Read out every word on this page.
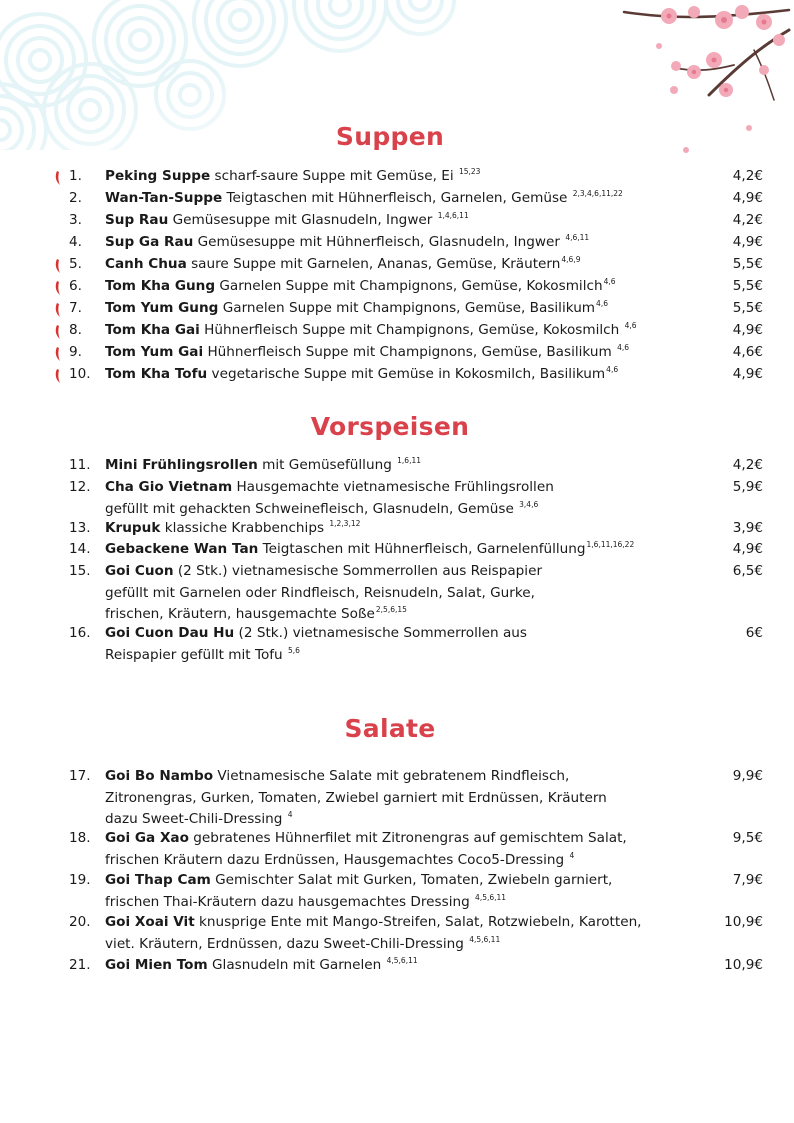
Suppen
1. Peking Suppe scharf-saure Suppe mit Gemüse, Ei $^{15,23}$	4,2€
2. Wan-Tan-Suppe Teigtaschen mit Hühnerfleisch, Garnelen, Gemüse $^{2,3,4,6,11,22}$	4,9€
3. Sup Rau Gemüsesuppe mit Glasnudeln, Ingwer $^{1,4,6,11}$	4,2€
4. Sup Ga Rau Gemüsesuppe mit Hühnerfleisch, Glasnudeln, Ingwer $^{4,6,11}$	4,9€
5. Canh Chua saure Suppe mit Garnelen, Ananas, Gemüse, Kräutern$^{4,6,9}$	5,5€
6. Tom Kha Gung Garnelen Suppe mit Champignons, Gemüse, Kokosmilch$^{4,6}$	5,5€
7. Tom Yum Gung Garnelen Suppe mit Champignons, Gemüse, Basilikum$^{4,6}$	5,5€
8. Tom Kha Gai Hühnerfleisch Suppe mit Champignons, Gemüse, Kokosmilch $^{4,6}$	4,9€
9. Tom Yum Gai Hühnerfleisch Suppe mit Champignons, Gemüse, Basilikum $^{4,6}$	4,6€
10. Tom Kha Tofu vegetarische Suppe mit Gemüse in Kokosmilch, Basilikum$^{4,6}$	4,9€
Vorspeisen
11. Mini Frühlingsrollen mit Gemüsefüllung $^{1,6,11}$	4,2€
12. Cha Gio Vietnam Hausgemachte vietnamesische Frühlingsrollen
gefüllt mit gehackten Schweinefleisch, Glasnudeln, Gemüse $^{3,4,6}$
5,9€
13. Krupuk klassiche Krabbenchips $^{1,2,3,12}$	3,9€
14. Gebackene Wan Tan Teigtaschen mit Hühnerfleisch, Garnelenfüllung$^{1,6,11,16,22}$	4,9€
15. Goi Cuon (2 Stk.) vietnamesische Sommerrollen aus Reispapier
gefüllt mit Garnelen oder Rindfleisch, Reisnudeln, Salat, Gurke,
frischen, Kräutern, hausgemachte Soße$^{2,5,6,15}$
6,5€
16. Goi Cuon Dau Hu (2 Stk.) vietnamesische Sommerrollen aus
Reispapier gefüllt mit Tofu $^{5,6}$
6€
Salate
17. Goi Bo Nambo Vietnamesische Salate mit gebratenem Rindfleisch,
Zitronengras, Gurken, Tomaten, Zwiebel garniert mit Erdnüssen, Kräutern
dazu Sweet-Chili-Dressing $^4$
9,9€
18. Goi Ga Xao gebratenes Hühnerfilet mit Zitronengras auf gemischtem Salat,
frischen Kräutern dazu Erdnüssen, Hausgemachtes Coco5-Dressing $^4$
9,5€
19. Goi Thap Cam Gemischter Salat mit Gurken, Tomaten, Zwiebeln garniert,
frischen Thai-Kräutern dazu hausgemachtes Dressing $^{4,5,6,11}$
7,9€
20. Goi Xoai Vit knusprige Ente mit Mango-Streifen, Salat, Rotzwiebeln, Karotten,
viet. Kräutern, Erdnüssen, dazu Sweet-Chili-Dressing $^{4,5,6,11}$
10,9€
21. Goi Mien Tom Glasnudeln mit Garnelen $^{4,5,6,11}$	10,9€
